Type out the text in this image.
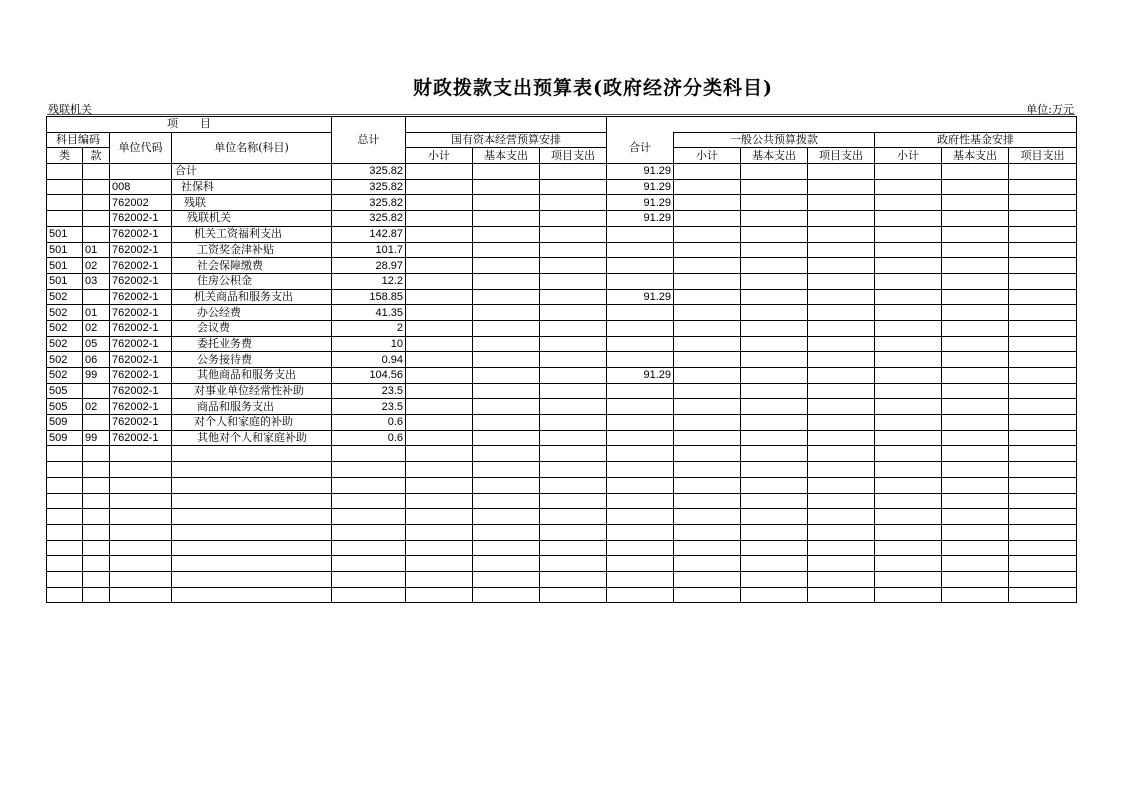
财政拨款支出预算表(政府经济分类科目)
残联机关	单位:万元
项　　目				总计										
科目编码		单位代码	单位名称(科目)		国有资本经营预算安排			合计	一般公共预算拨款			政府性基金安排		
类	款				小计	基本支出	项目支出		小计	基本支出	项目支出	小计	基本支出	项目支出
			合计	325.82				91.29						
		008	社保科	325.82				91.29						
		762002	残联	325.82				91.29						
		762002-1	残联机关	325.82				91.29						
501		762002-1	机关工资福利支出	142.87										
501	01	762002-1	工资奖金津补贴	101.7										
501	02	762002-1	社会保障缴费	28.97										
501	03	762002-1	住房公积金	12.2										
502		762002-1	机关商品和服务支出	158.85				91.29						
502	01	762002-1	办公经费	41.35										
502	02	762002-1	会议费	2										
502	05	762002-1	委托业务费	10										
502	06	762002-1	公务接待费	0.94										
502	99	762002-1	其他商品和服务支出	104.56				91.29						
505		762002-1	对事业单位经常性补助	23.5										
505	02	762002-1	商品和服务支出	23.5										
509		762002-1	对个人和家庭的补助	0.6										
509	99	762002-1	其他对个人和家庭补助	0.6										
